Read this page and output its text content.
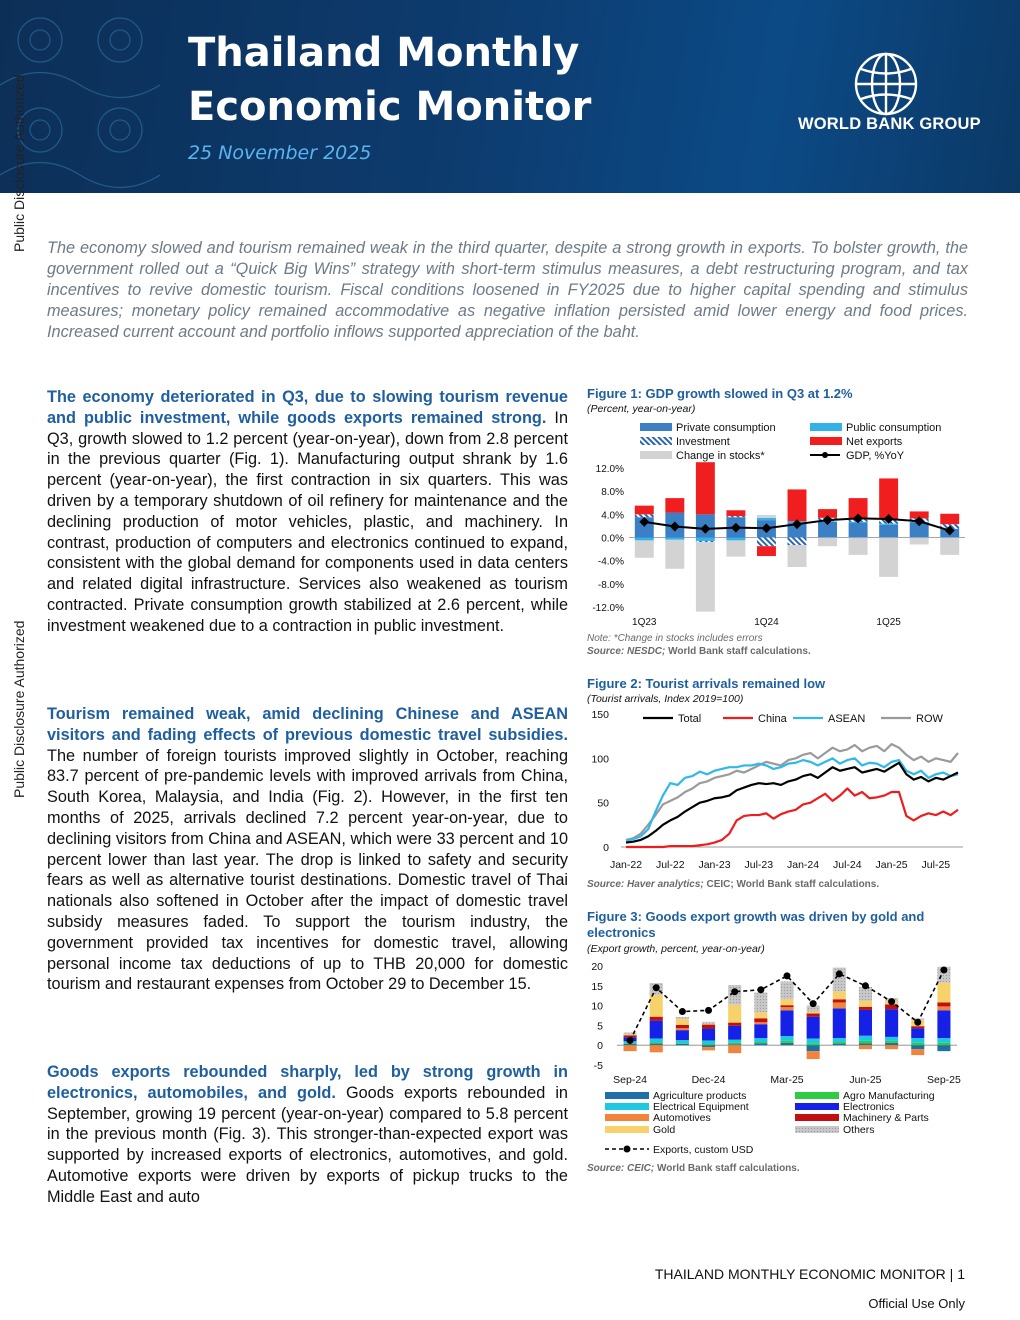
Thailand Monthly
Economic Monitor
25 November 2025
WORLD BANK GROUP
Public Disclosure Authorized
Public Disclosure Authorized
The economy slowed and tourism remained weak in the third quarter, despite a strong growth in exports. To bolster growth, the government rolled out a “Quick Big Wins” strategy with short-term stimulus measures, a debt restructuring program, and tax incentives to revive domestic tourism. Fiscal conditions loosened in FY2025 due to higher capital spending and stimulus measures; monetary policy remained accommodative as negative inflation persisted amid lower energy and food prices. Increased current account and portfolio inflows supported appreciation of the baht.
The economy deteriorated in Q3, due to slowing tourism revenue and public investment, while goods exports remained strong. In Q3, growth slowed to 1.2 percent (year-on-year), down from 2.8 percent in the previous quarter (Fig. 1). Manufacturing output shrank by 1.6 percent (year-on-year), the first contraction in six quarters. This was driven by a temporary shutdown of oil refinery for maintenance and the declining production of motor vehicles, plastic, and machinery. In contrast, production of computers and electronics continued to expand, consistent with the global demand for components used in data centers and related digital infrastructure. Services also weakened as tourism contracted. Private consumption growth stabilized at 2.6 percent, while investment weakened due to a contraction in public investment.
Tourism remained weak, amid declining Chinese and ASEAN visitors and fading effects of previous domestic travel subsidies. The number of foreign tourists improved slightly in October, reaching 83.7 percent of pre-pandemic levels with improved arrivals from China, South Korea, Malaysia, and India (Fig. 2). However, in the first ten months of 2025, arrivals declined 7.2 percent year-on-year, due to declining visitors from China and ASEAN, which were 33 percent and 10 percent lower than last year. The drop is linked to safety and security fears as well as alternative tourist destinations. Domestic travel of Thai nationals also softened in October after the impact of domestic travel subsidy measures faded. To support the tourism industry, the government provided tax incentives for domestic travel, allowing personal income tax deductions of up to THB 20,000 for domestic tourism and restaurant expenses from October 29 to December 15.
Goods exports rebounded sharply, led by strong growth in electronics, automobiles, and gold. Goods exports rebounded in September, growing 19 percent (year-on-year) compared to 5.8 percent in the previous month (Fig. 3). This stronger-than-expected export was supported by increased exports of electronics, automotives, and gold. Automotive exports were driven by exports of pickup trucks to the Middle East and auto
Figure 1: GDP growth slowed in Q3 at 1.2%
(Percent, year-on-year)
Private consumption	Public consumption
Investment	Net exports
Change in stocks*	GDP, %YoY
12.0%
8.0%
4.0%
0.0%
-4.0%
-8.0%
-12.0%
1Q23	1Q24	1Q25
Note: *Change in stocks includes errors
Source: NESDC; World Bank staff calculations.
Figure 2: Tourist arrivals remained low
(Tourist arrivals, Index 2019=100)
150
100
50
0
Total	China	ASEAN	ROW
Jan-22 Jul-22 Jan-23 Jul-23 Jan-24 Jul-24 Jan-25 Jul-25
Source: Haver analytics; CEIC; World Bank staff calculations.
Figure 3: Goods export growth was driven by gold and electronics
(Export growth, percent, year-on-year)
20
15
10
5
0
-5
Sep-24	Dec-24	Mar-25	Jun-25	Sep-25
Agriculture products	Agro Manufacturing
Electrical Equipment	Electronics
Automotives	Machinery & Parts
Gold	Others
Exports, custom USD
Source: CEIC; World Bank staff calculations.
THAILAND MONTHLY ECONOMIC MONITOR | 1
Official Use Only
